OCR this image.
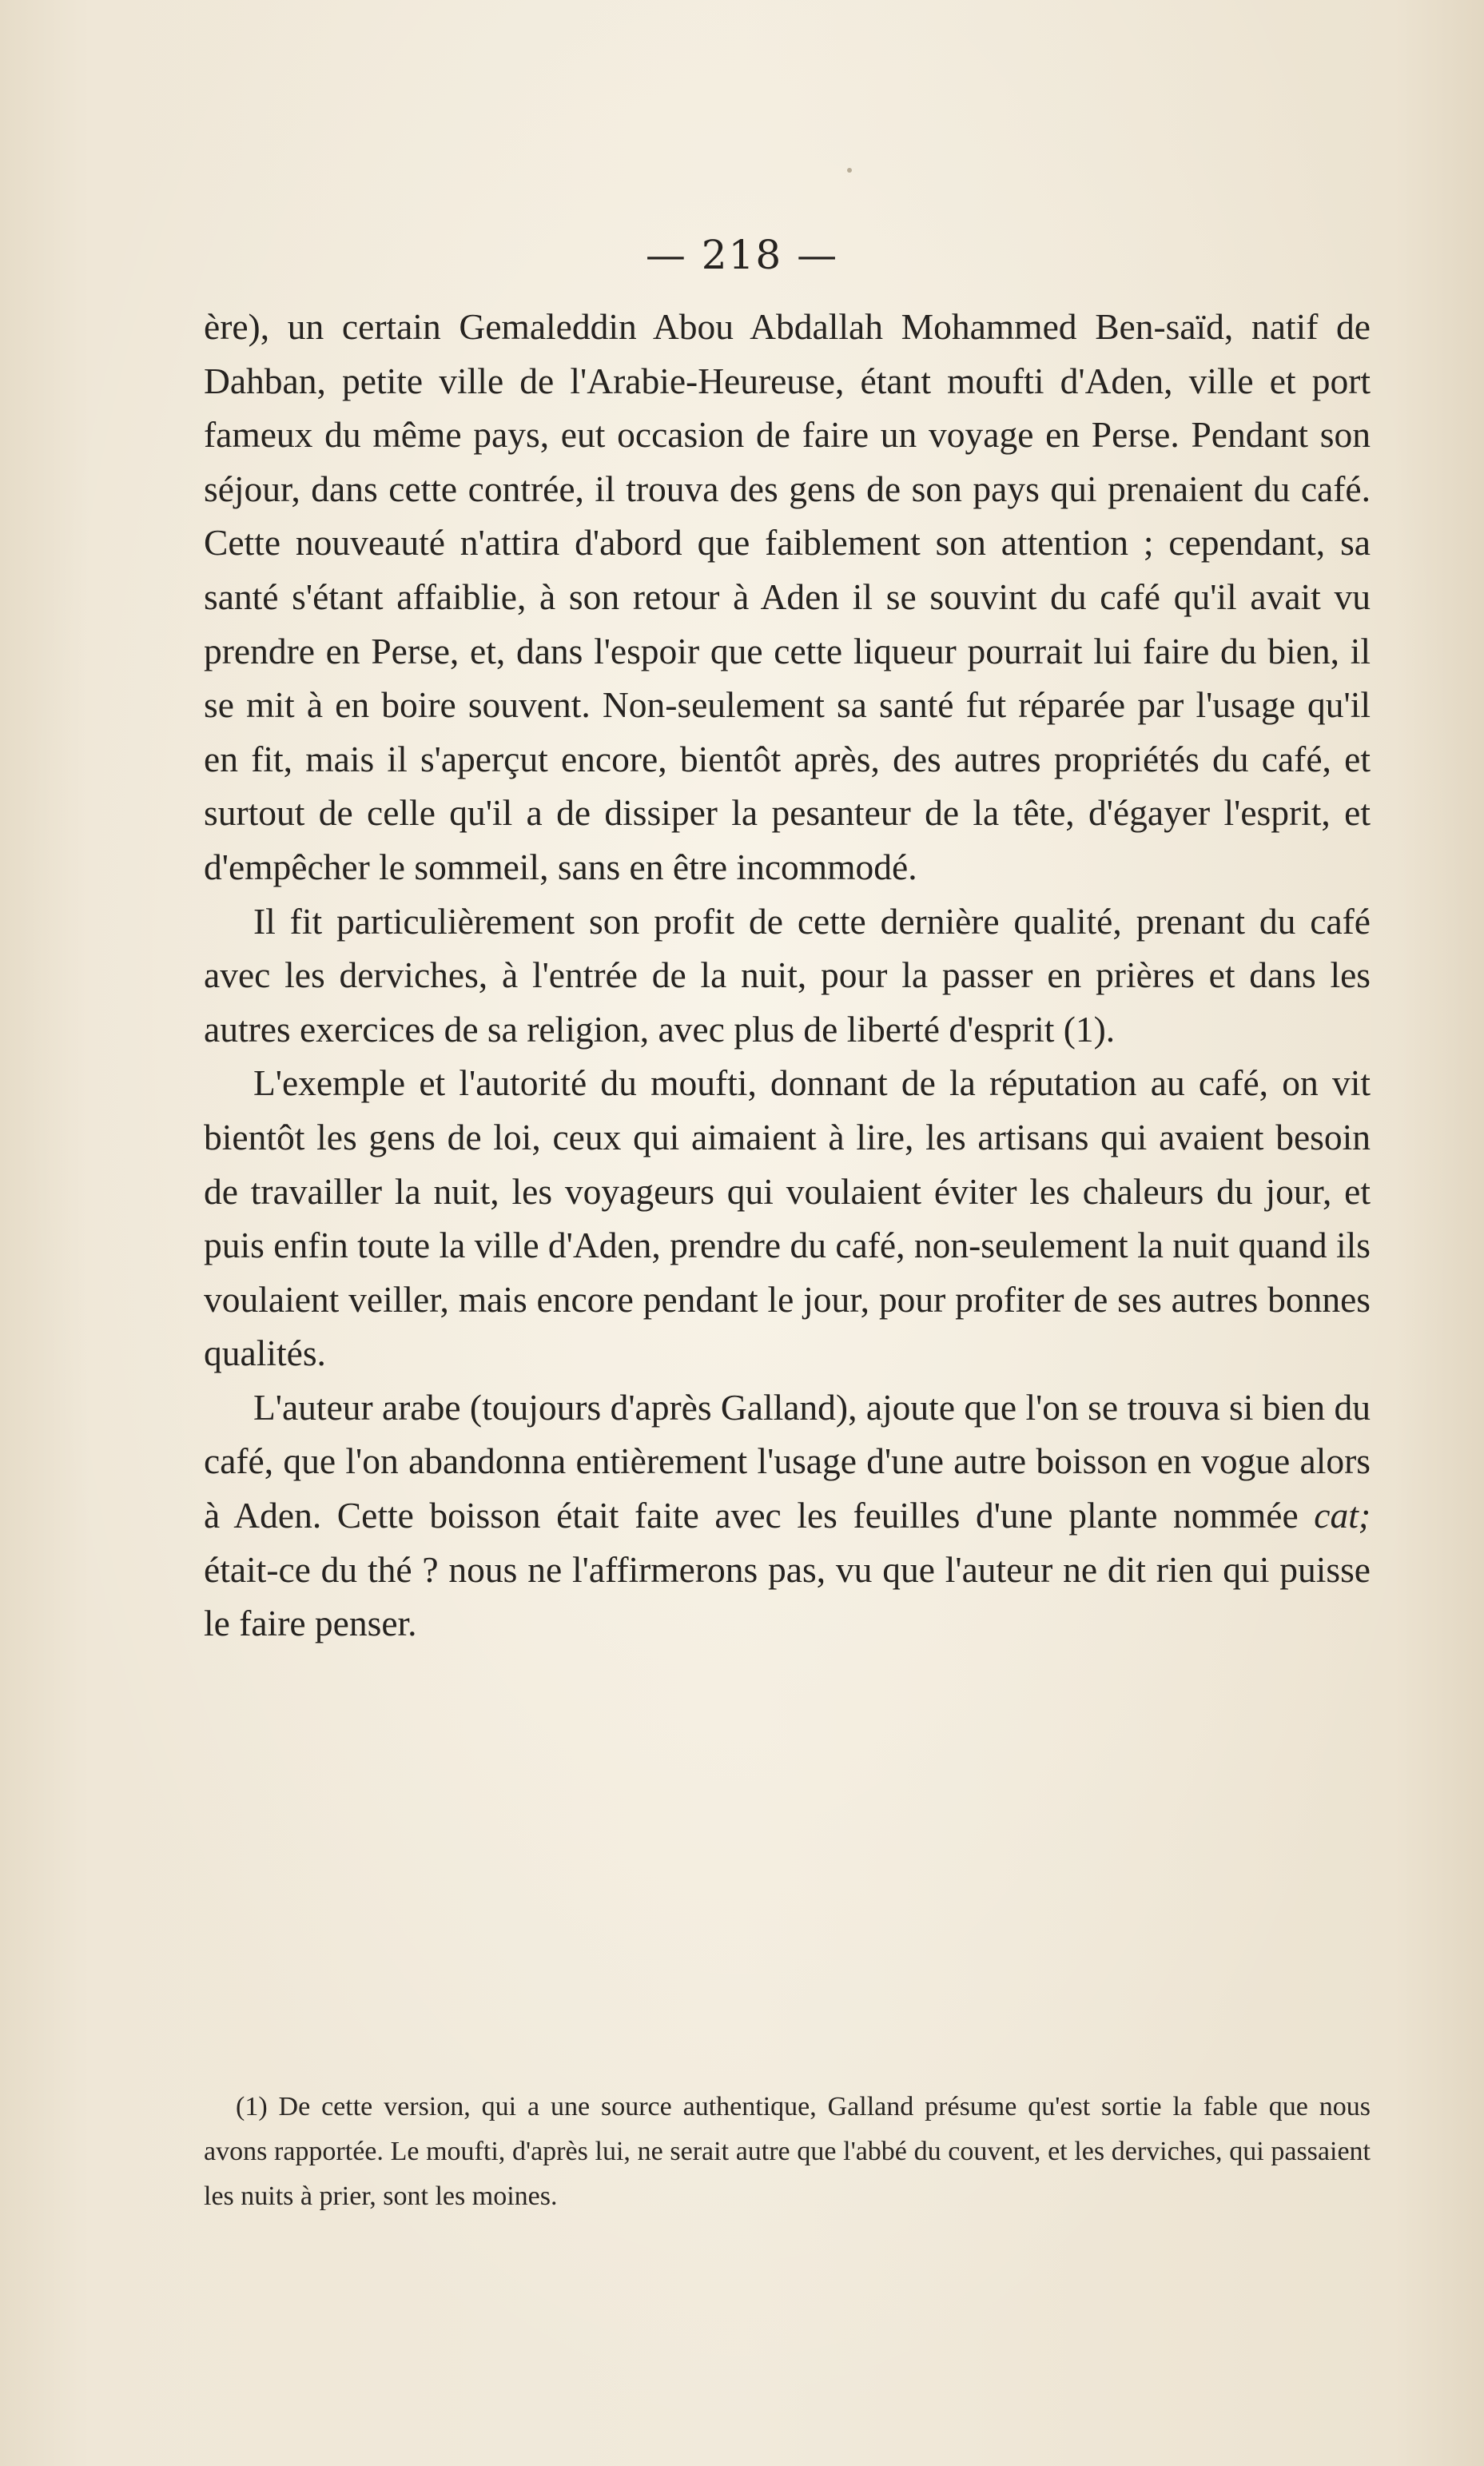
— 218 —

ère), un certain Gemaleddin Abou Abdallah Mohammed Ben-saïd, natif de Dahban, petite ville de l'Arabie-Heureuse, étant moufti d'Aden, ville et port fameux du même pays, eut occasion de faire un voyage en Perse. Pendant son séjour, dans cette contrée, il trouva des gens de son pays qui prenaient du café. Cette nouveauté n'attira d'abord que faiblement son attention ; cependant, sa santé s'étant affaiblie, à son retour à Aden il se souvint du café qu'il avait vu prendre en Perse, et, dans l'espoir que cette liqueur pourrait lui faire du bien, il se mit à en boire souvent. Non-seulement sa santé fut réparée par l'usage qu'il en fit, mais il s'aperçut encore, bientôt après, des autres propriétés du café, et surtout de celle qu'il a de dissiper la pesanteur de la tête, d'égayer l'esprit, et d'empêcher le sommeil, sans en être incommodé.

Il fit particulièrement son profit de cette dernière qualité, prenant du café avec les derviches, à l'entrée de la nuit, pour la passer en prières et dans les autres exercices de sa religion, avec plus de liberté d'esprit (1).

L'exemple et l'autorité du moufti, donnant de la réputation au café, on vit bientôt les gens de loi, ceux qui aimaient à lire, les artisans qui avaient besoin de travailler la nuit, les voyageurs qui voulaient éviter les chaleurs du jour, et puis enfin toute la ville d'Aden, prendre du café, non-seulement la nuit quand ils voulaient veiller, mais encore pendant le jour, pour profiter de ses autres bonnes qualités.

L'auteur arabe (toujours d'après Galland), ajoute que l'on se trouva si bien du café, que l'on abandonna entièrement l'usage d'une autre boisson en vogue alors à Aden. Cette boisson était faite avec les feuilles d'une plante nommée cat; était-ce du thé ? nous ne l'affirmerons pas, vu que l'auteur ne dit rien qui puisse le faire penser.

(1) De cette version, qui a une source authentique, Galland présume qu'est sortie la fable que nous avons rapportée. Le moufti, d'après lui, ne serait autre que l'abbé du couvent, et les derviches, qui passaient les nuits à prier, sont les moines.
